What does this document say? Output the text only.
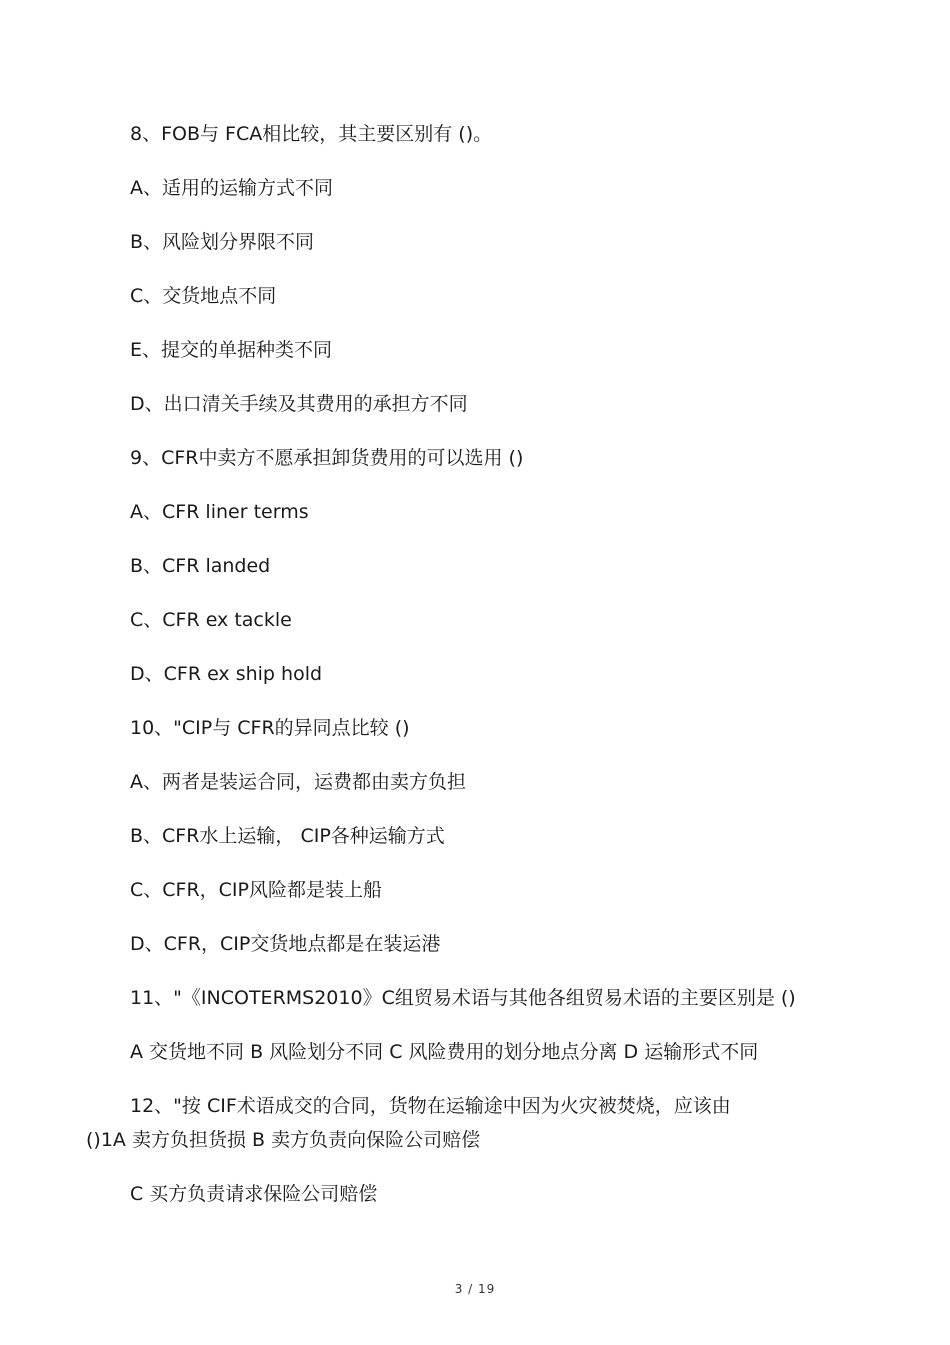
8、FOB与 FCA相比较，其主要区别有 ()。
A、适用的运输方式不同
B、风险划分界限不同
C、交货地点不同
E、提交的单据种类不同
D、出口清关手续及其费用的承担方不同
9、CFR中卖方不愿承担卸货费用的可以选用 ()
A、CFR liner terms
B、CFR landed
C、CFR ex tackle
D、CFR ex ship hold
10、"CIP与 CFR的异同点比较 ()
A、两者是装运合同，运费都由卖方负担
B、CFR水上运输， CIP各种运输方式
C、CFR，CIP风险都是装上船
D、CFR，CIP交货地点都是在装运港
11、"《INCOTERMS2010》C组贸易术语与其他各组贸易术语的主要区别是 ()
A 交货地不同 B 风险划分不同 C 风险费用的划分地点分离 D 运输形式不同
12、"按 CIF术语成交的合同，货物在运输途中因为火灾被焚烧，应该由
()1A 卖方负担货损 B 卖方负责向保险公司赔偿
C 买方负责请求保险公司赔偿
3 / 19
